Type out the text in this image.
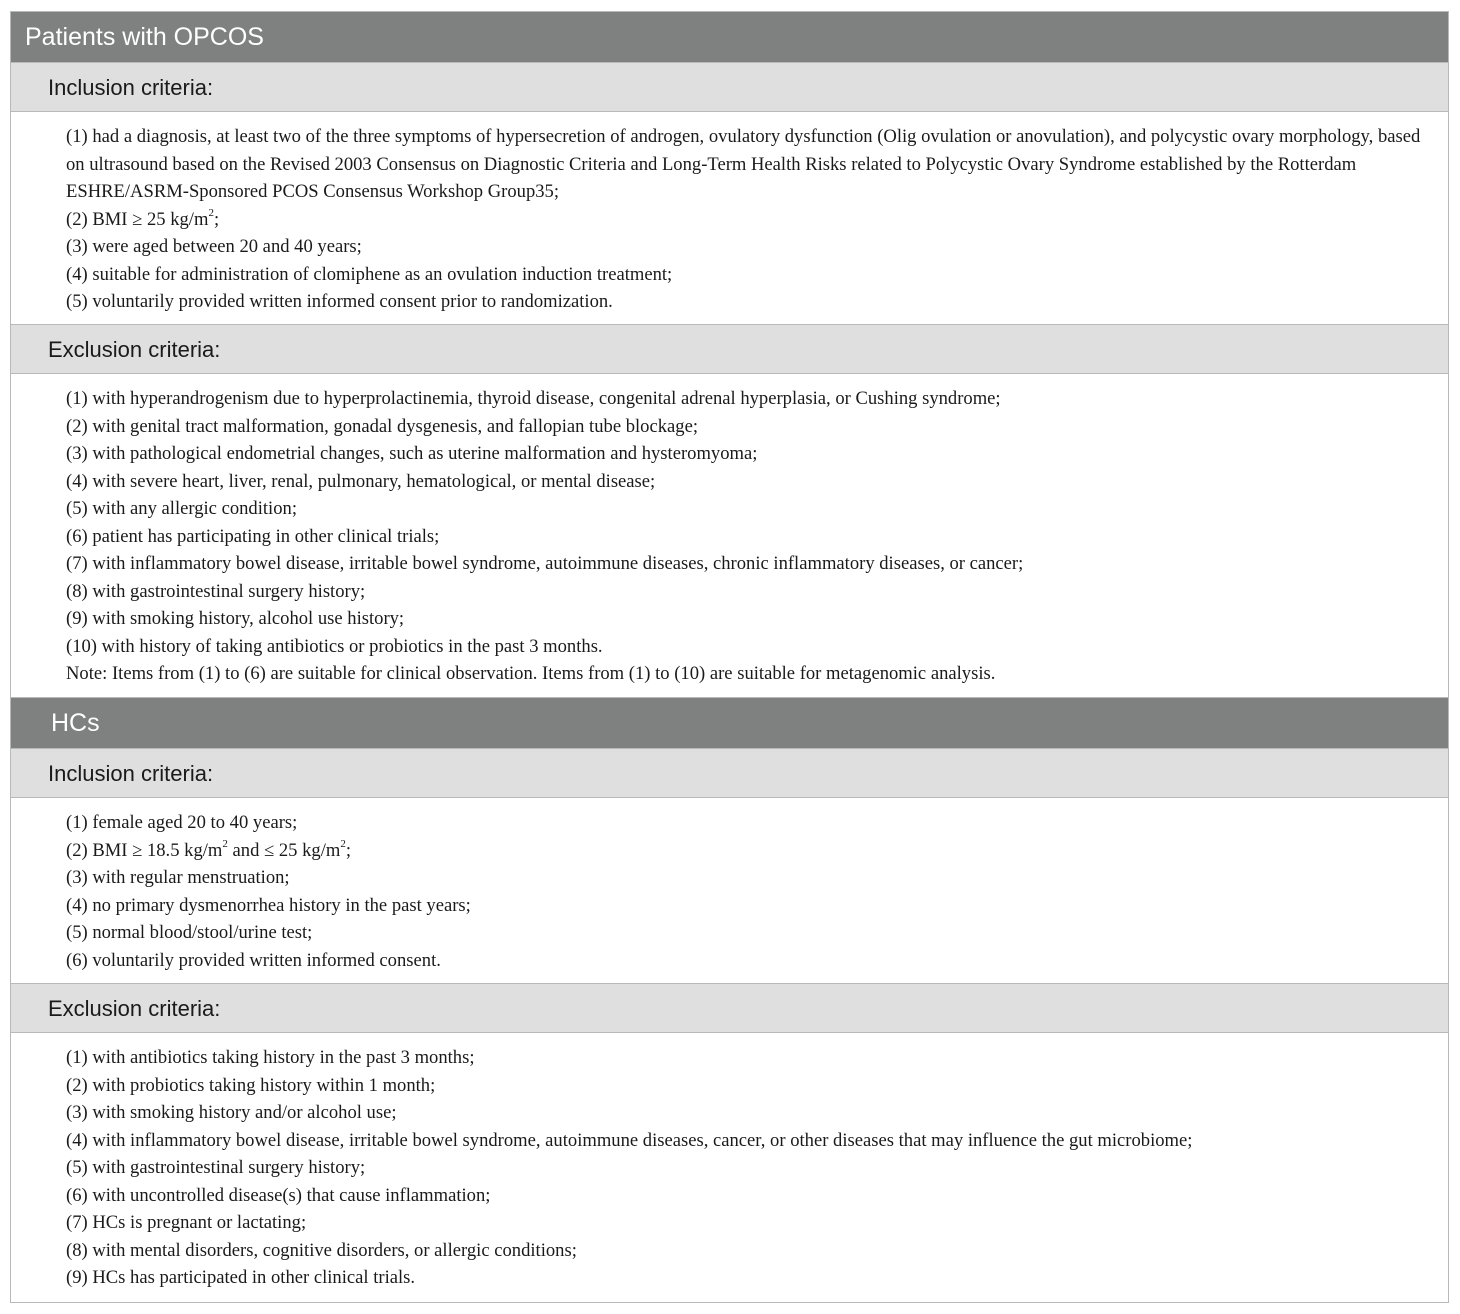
Patients with OPCOS
Inclusion criteria:
(1) had a diagnosis, at least two of the three symptoms of hypersecretion of androgen, ovulatory dysfunction (Olig ovulation or anovulation), and polycystic ovary morphology, based on ultrasound based on the Revised 2003 Consensus on Diagnostic Criteria and Long-Term Health Risks related to Polycystic Ovary Syndrome established by the Rotterdam ESHRE/ASRM-Sponsored PCOS Consensus Workshop Group35;
(2) BMI ≥ 25 $kg/m^2$;
(3) were aged between 20 and 40 years;
(4) suitable for administration of clomiphene as an ovulation induction treatment;
(5) voluntarily provided written informed consent prior to randomization.
Exclusion criteria:
(1) with hyperandrogenism due to hyperprolactinemia, thyroid disease, congenital adrenal hyperplasia, or Cushing syndrome;
(2) with genital tract malformation, gonadal dysgenesis, and fallopian tube blockage;
(3) with pathological endometrial changes, such as uterine malformation and hysteromyoma;
(4) with severe heart, liver, renal, pulmonary, hematological, or mental disease;
(5) with any allergic condition;
(6) patient has participating in other clinical trials;
(7) with inflammatory bowel disease, irritable bowel syndrome, autoimmune diseases, chronic inflammatory diseases, or cancer;
(8) with gastrointestinal surgery history;
(9) with smoking history, alcohol use history;
(10) with history of taking antibiotics or probiotics in the past 3 months.
Note: Items from (1) to (6) are suitable for clinical observation. Items from (1) to (10) are suitable for metagenomic analysis.
HCs
Inclusion criteria:
(1) female aged 20 to 40 years;
(2) BMI ≥ 18.5 $kg/m^2$ and ≤ 25 $kg/m^2$;
(3) with regular menstruation;
(4) no primary dysmenorrhea history in the past years;
(5) normal blood/stool/urine test;
(6) voluntarily provided written informed consent.
Exclusion criteria:
(1) with antibiotics taking history in the past 3 months;
(2) with probiotics taking history within 1 month;
(3) with smoking history and/or alcohol use;
(4) with inflammatory bowel disease, irritable bowel syndrome, autoimmune diseases, cancer, or other diseases that may influence the gut microbiome;
(5) with gastrointestinal surgery history;
(6) with uncontrolled disease(s) that cause inflammation;
(7) HCs is pregnant or lactating;
(8) with mental disorders, cognitive disorders, or allergic conditions;
(9) HCs has participated in other clinical trials.
